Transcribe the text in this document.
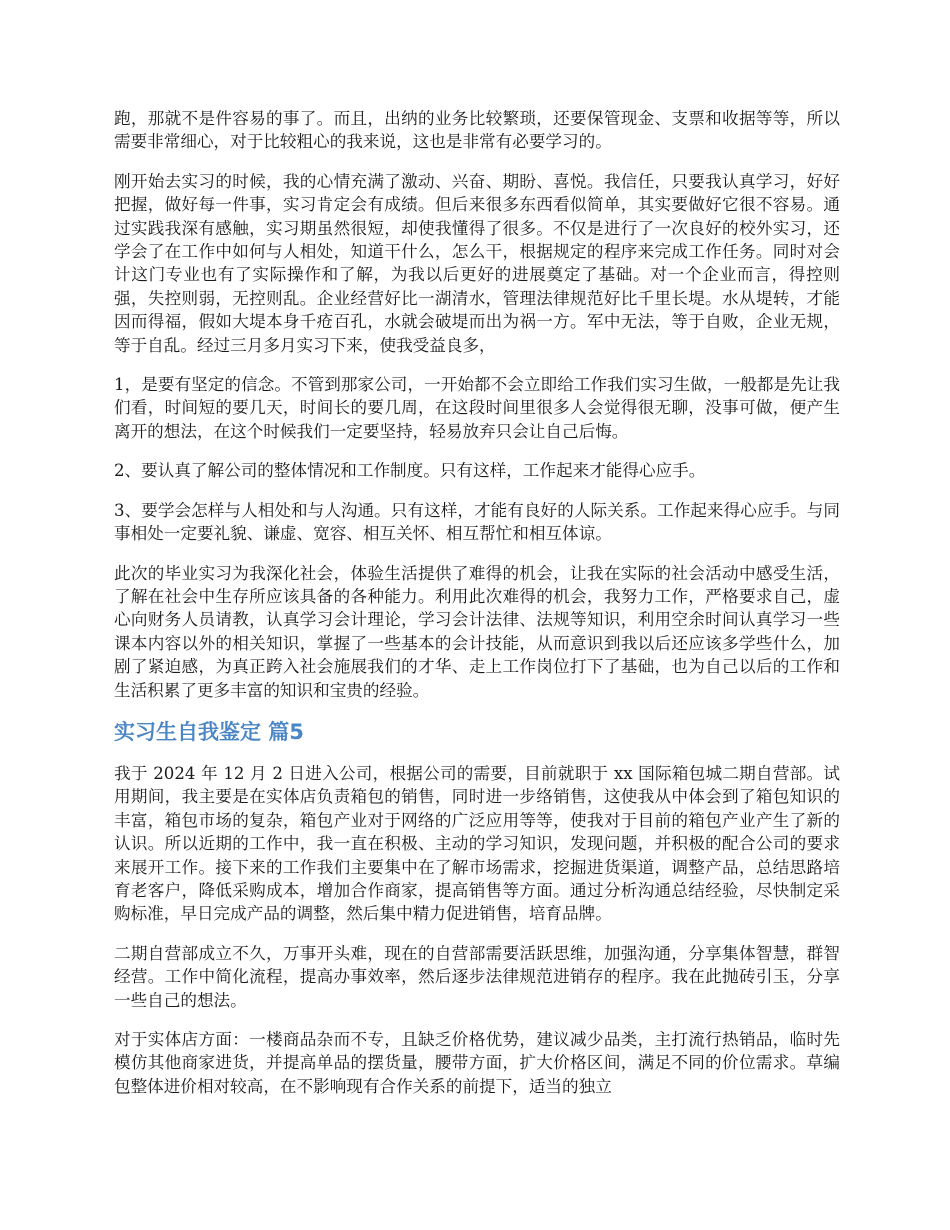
跑，那就不是件容易的事了。而且，出纳的业务比较繁琐，还要保管现金、支票和收据等等，所以需要非常细心，对于比较粗心的我来说，这也是非常有必要学习的。

刚开始去实习的时候，我的心情充满了激动、兴奋、期盼、喜悦。我信任，只要我认真学习，好好把握，做好每一件事，实习肯定会有成绩。但后来很多东西看似简单，其实要做好它很不容易。通过实践我深有感触，实习期虽然很短，却使我懂得了很多。不仅是进行了一次良好的校外实习，还学会了在工作中如何与人相处，知道干什么，怎么干，根据规定的程序来完成工作任务。同时对会计这门专业也有了实际操作和了解，为我以后更好的进展奠定了基础。对一个企业而言，得控则强，失控则弱，无控则乱。企业经营好比一湖清水，管理法律规范好比千里长堤。水从堤转，才能因而得福，假如大堤本身千疮百孔，水就会破堤而出为祸一方。军中无法，等于自败，企业无规，等于自乱。经过三月多月实习下来，使我受益良多，

1，是要有坚定的信念。不管到那家公司，一开始都不会立即给工作我们实习生做，一般都是先让我们看，时间短的要几天，时间长的要几周，在这段时间里很多人会觉得很无聊，没事可做，便产生离开的想法，在这个时候我们一定要坚持，轻易放弃只会让自己后悔。

2、要认真了解公司的整体情况和工作制度。只有这样，工作起来才能得心应手。

3、要学会怎样与人相处和与人沟通。只有这样，才能有良好的人际关系。工作起来得心应手。与同事相处一定要礼貌、谦虚、宽容、相互关怀、相互帮忙和相互体谅。

此次的毕业实习为我深化社会，体验生活提供了难得的机会，让我在实际的社会活动中感受生活，了解在社会中生存所应该具备的各种能力。利用此次难得的机会，我努力工作，严格要求自己，虚心向财务人员请教，认真学习会计理论，学习会计法律、法规等知识，利用空余时间认真学习一些课本内容以外的相关知识，掌握了一些基本的会计技能，从而意识到我以后还应该多学些什么，加剧了紧迫感，为真正跨入社会施展我们的才华、走上工作岗位打下了基础，也为自己以后的工作和生活积累了更多丰富的知识和宝贵的经验。

实习生自我鉴定 篇5

我于 2024 年 12 月 2 日进入公司，根据公司的需要，目前就职于 xx 国际箱包城二期自营部。试用期间，我主要是在实体店负责箱包的销售，同时进一步络销售，这使我从中体会到了箱包知识的丰富，箱包市场的复杂，箱包产业对于网络的广泛应用等等，使我对于目前的箱包产业产生了新的认识。所以近期的工作中，我一直在积极、主动的学习知识，发现问题，并积极的配合公司的要求来展开工作。接下来的工作我们主要集中在了解市场需求，挖掘进货渠道，调整产品，总结思路培育老客户，降低采购成本，增加合作商家，提高销售等方面。通过分析沟通总结经验，尽快制定采购标准，早日完成产品的调整，然后集中精力促进销售，培育品牌。

二期自营部成立不久，万事开头难，现在的自营部需要活跃思维，加强沟通，分享集体智慧，群智经营。工作中简化流程，提高办事效率，然后逐步法律规范进销存的程序。我在此抛砖引玉，分享一些自己的想法。

对于实体店方面：一楼商品杂而不专，且缺乏价格优势，建议减少品类，主打流行热销品，临时先模仿其他商家进货，并提高单品的摆货量，腰带方面，扩大价格区间，满足不同的价位需求。草编包整体进价相对较高，在不影响现有合作关系的前提下，适当的独立
